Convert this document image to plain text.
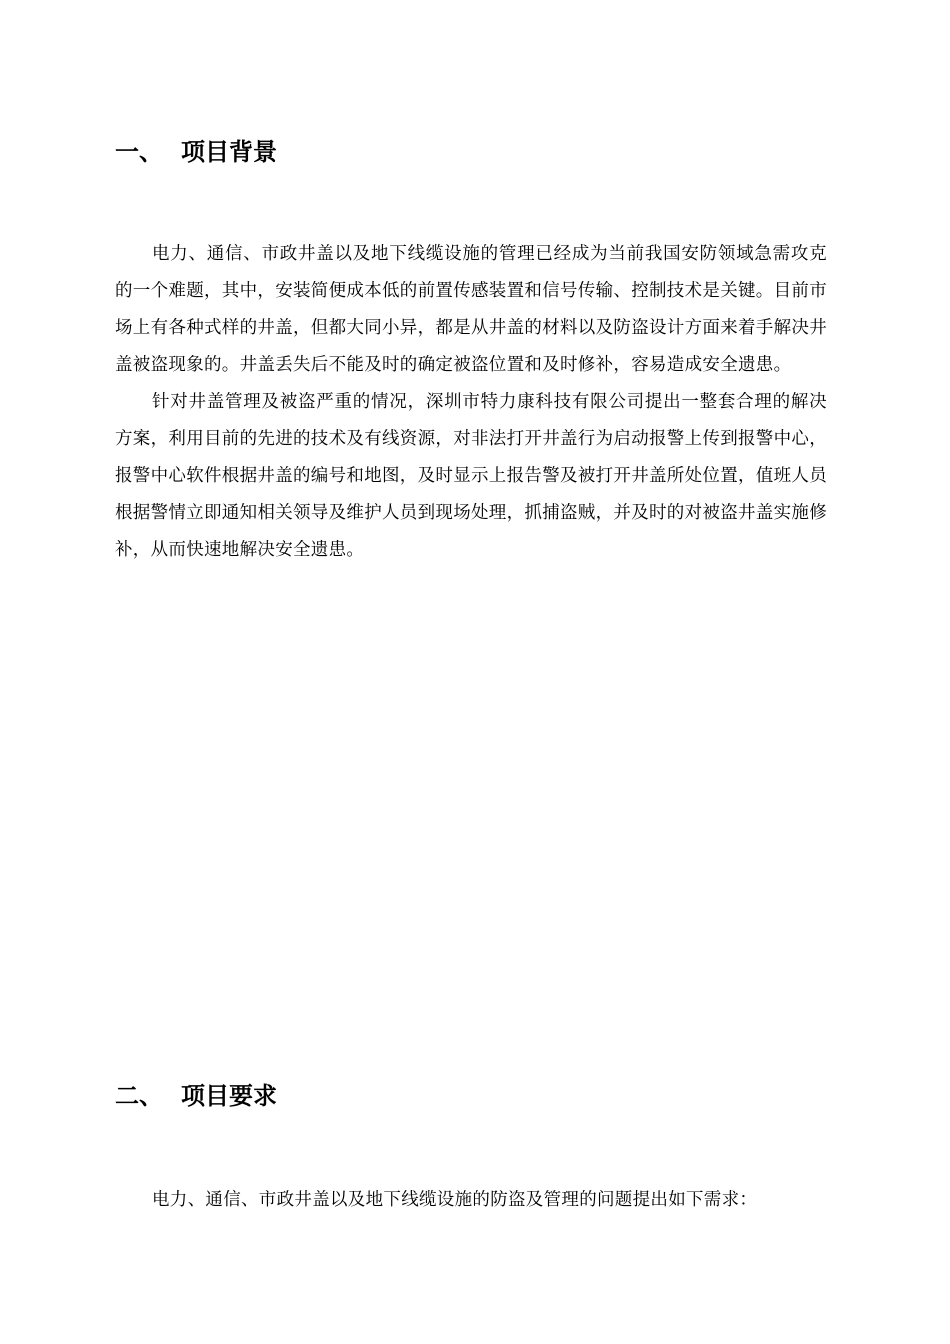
一、 项目背景

电力、通信、市政井盖以及地下线缆设施的管理已经成为当前我国安防领域急需攻克的一个难题，其中，安装简便成本低的前置传感装置和信号传输、控制技术是关键。目前市场上有各种式样的井盖，但都大同小异，都是从井盖的材料以及防盗设计方面来着手解决井盖被盗现象的。井盖丢失后不能及时的确定被盗位置和及时修补，容易造成安全遗患。

针对井盖管理及被盗严重的情况，深圳市特力康科技有限公司提出一整套合理的解决方案，利用目前的先进的技术及有线资源，对非法打开井盖行为启动报警上传到报警中心，报警中心软件根据井盖的编号和地图，及时显示上报告警及被打开井盖所处位置，值班人员根据警情立即通知相关领导及维护人员到现场处理，抓捕盗贼，并及时的对被盗井盖实施修补，从而快速地解决安全遗患。

二、 项目要求

电力、通信、市政井盖以及地下线缆设施的防盗及管理的问题提出如下需求：
